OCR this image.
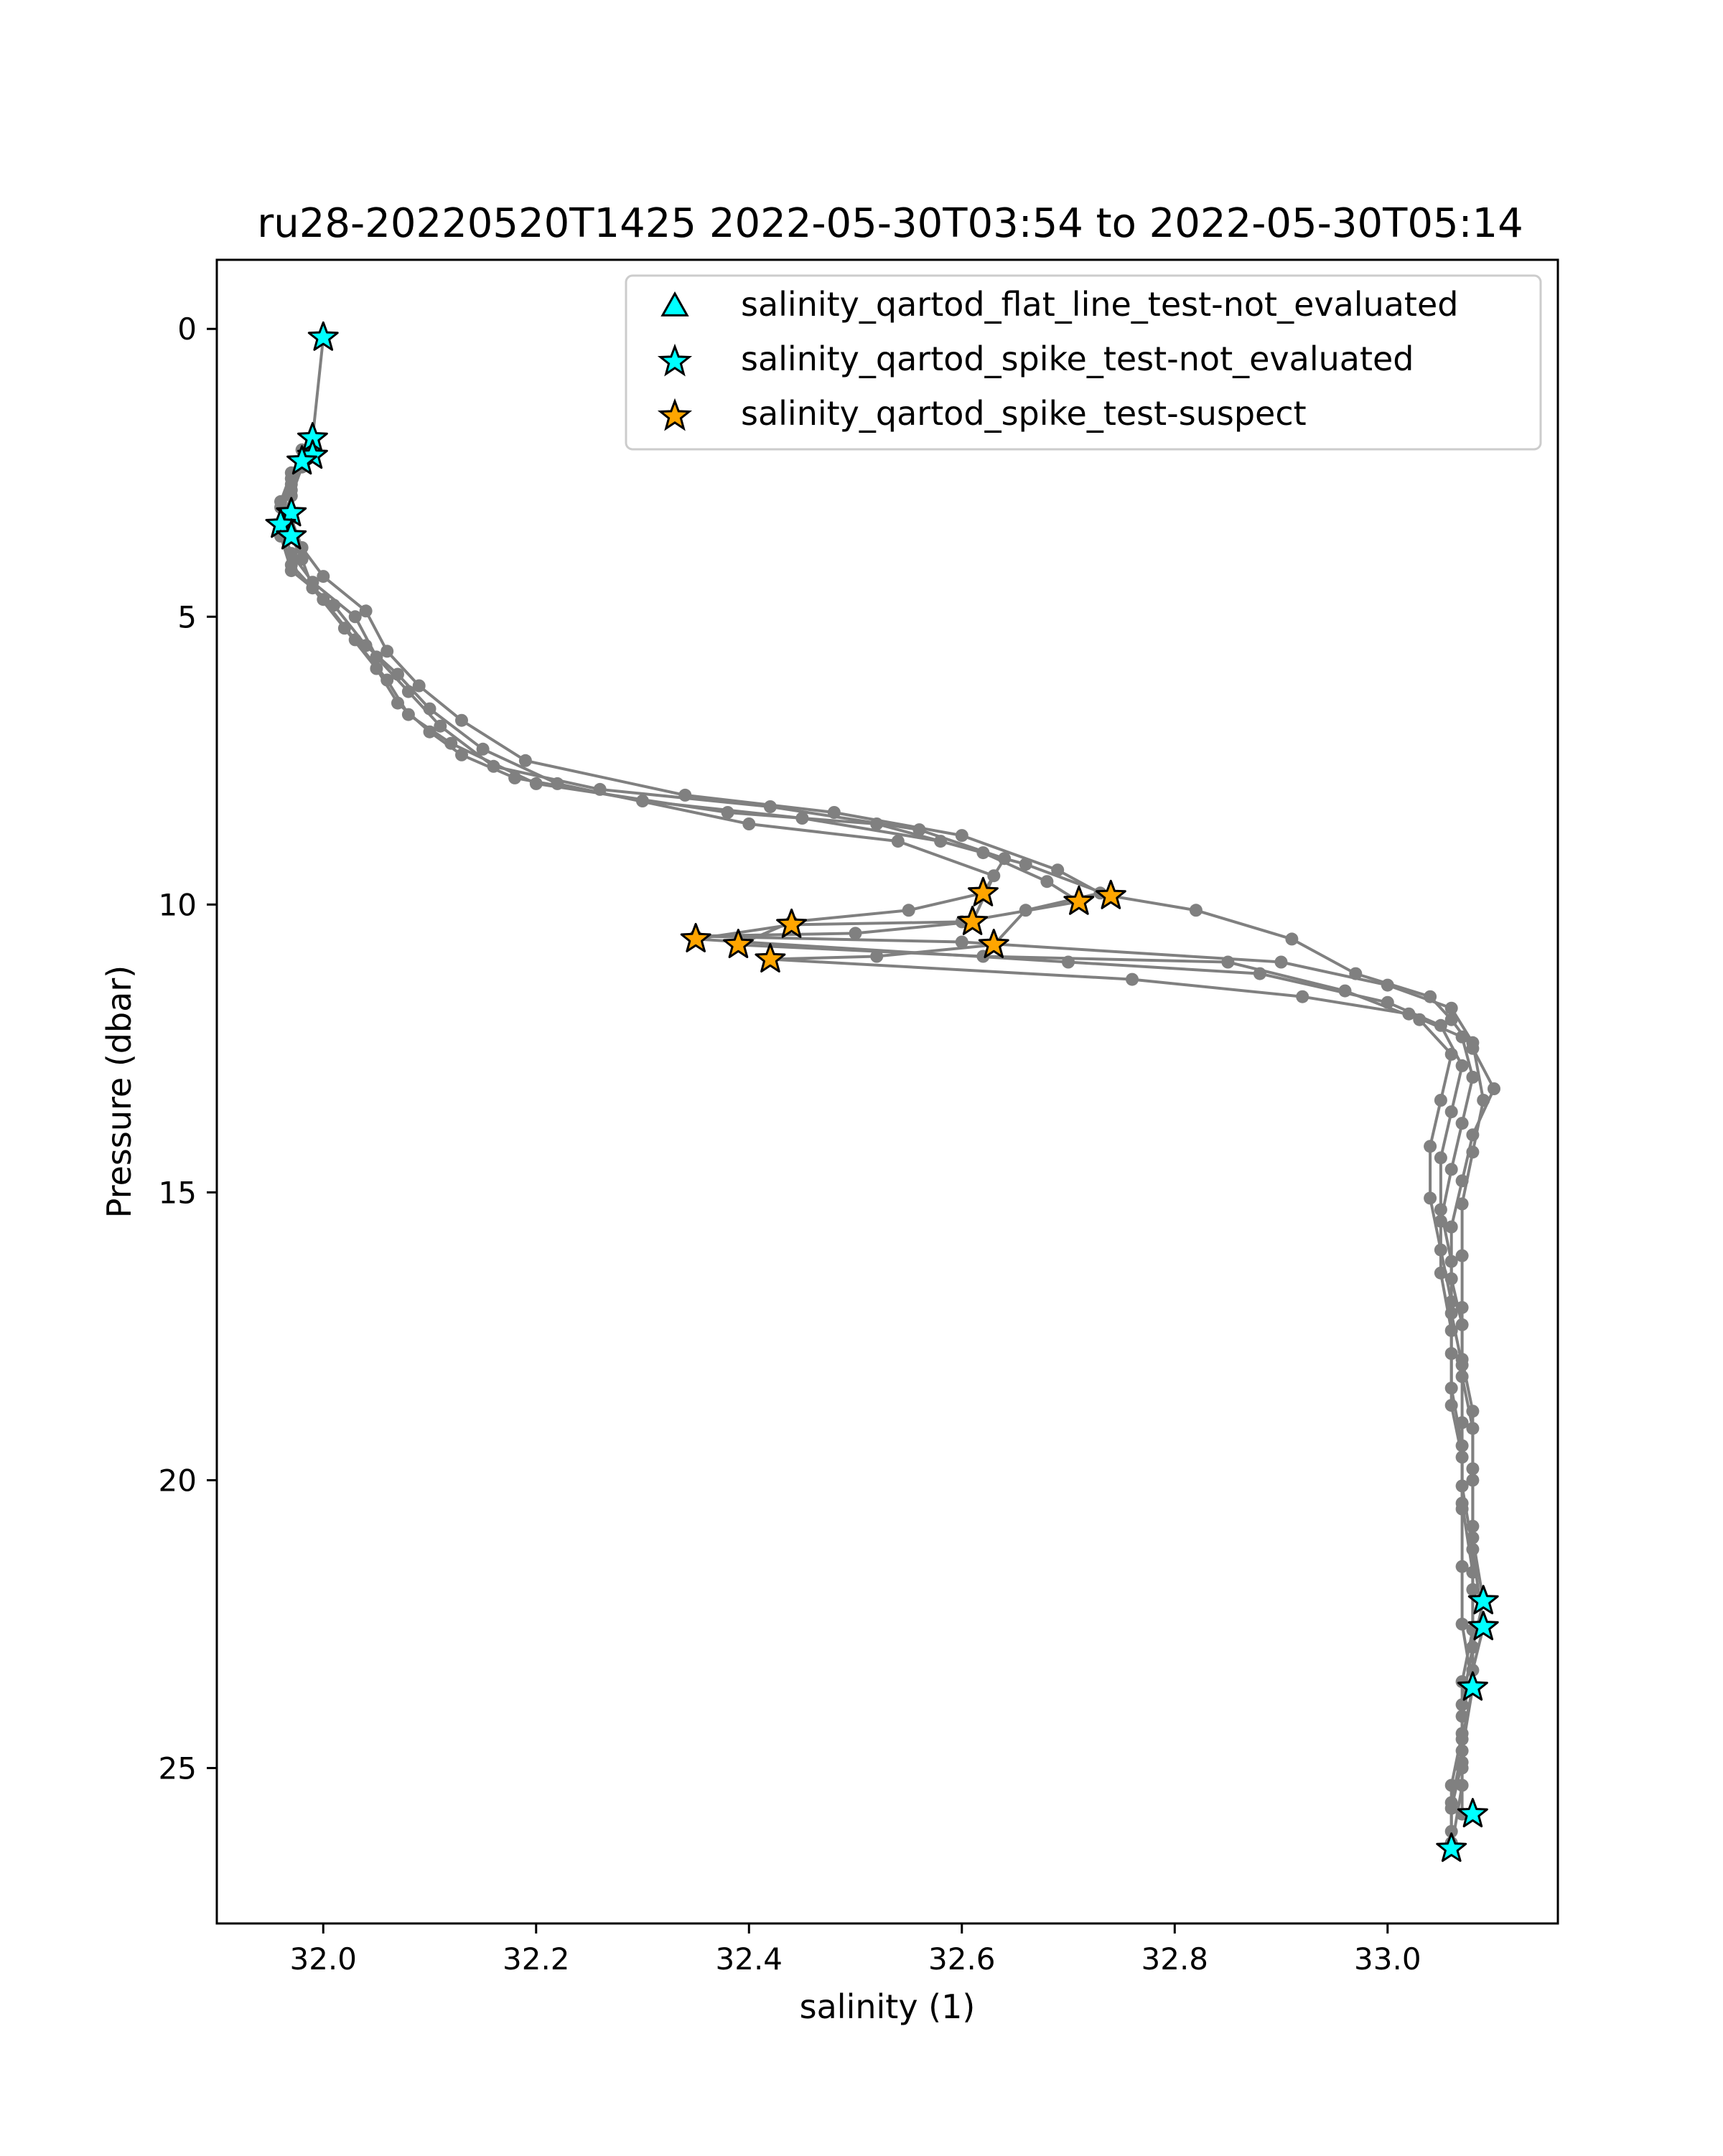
ru28-20220520T1425 2022-05-30T03:54 to 2022-05-30T05:14
32.0	32.2	32.4	32.6	32.8	33.0
0
5
10
15
20
25
salinity (1)
Pressure (dbar)
salinity_qartod_flat_line_test-not_evaluated
salinity_qartod_spike_test-not_evaluated
salinity_qartod_spike_test-suspect
